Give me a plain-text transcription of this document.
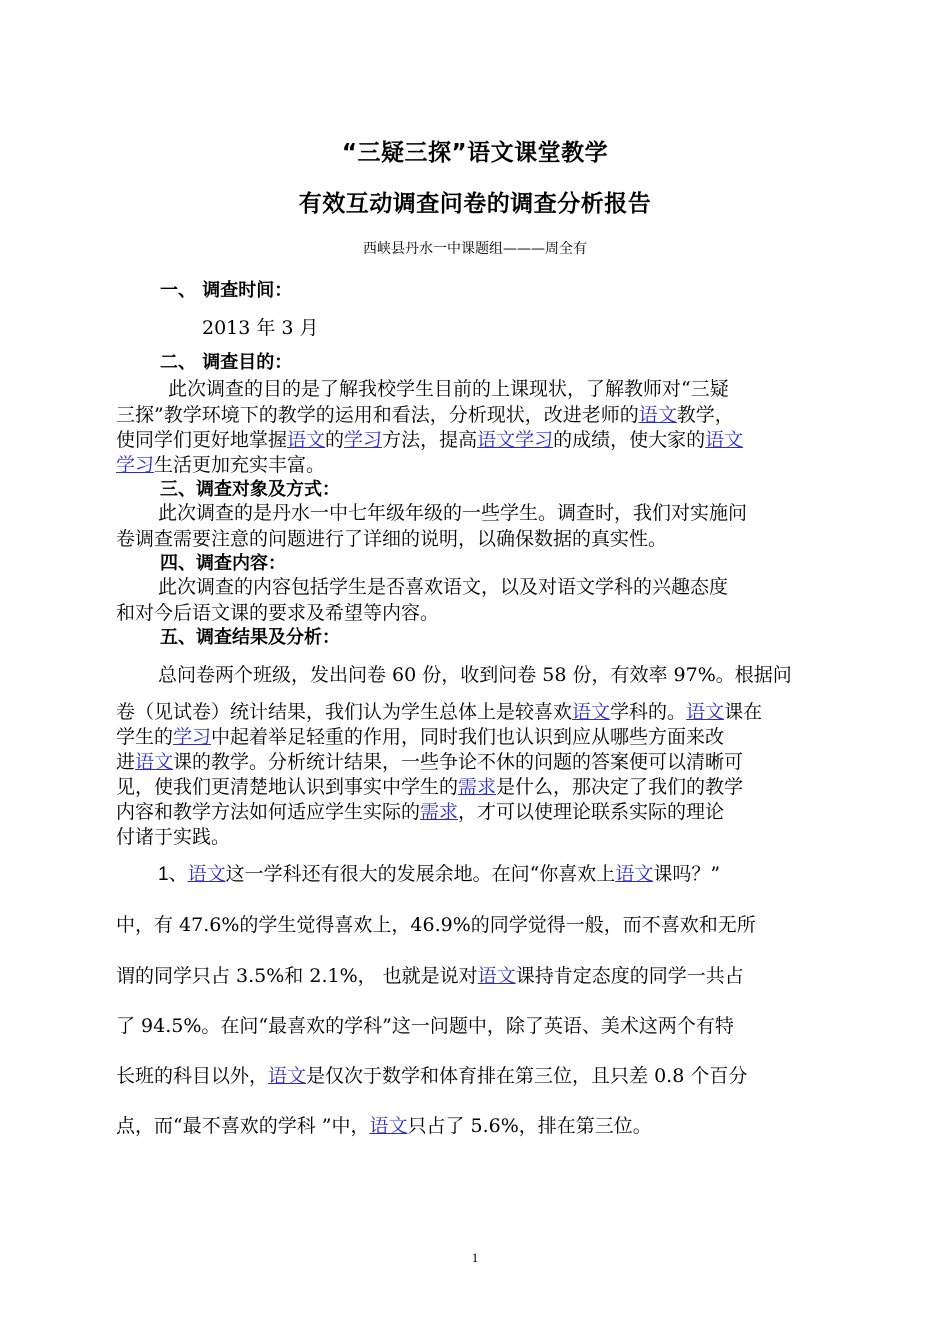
“三疑三探”语文课堂教学
有效互动调查问卷的调查分析报告
西峡县丹水一中课题组———周全有
一、 调查时间：
2013 年 3 月
二、 调查目的：
此次调查的目的是了解我校学生目前的上课现状，了解教师对“三疑
三探”教学环境下的教学的运用和看法，分析现状，改进老师的语文教学，
使同学们更好地掌握语文的学习方法，提高语文学习的成绩，使大家的语文
学习生活更加充实丰富。
三、调查对象及方式：
此次调查的是丹水一中七年级年级的一些学生。调查时，我们对实施问
卷调查需要注意的问题进行了详细的说明，以确保数据的真实性。
四、调查内容：
此次调查的内容包括学生是否喜欢语文，以及对语文学科的兴趣态度
和对今后语文课的要求及希望等内容。
五、调查结果及分析：
总问卷两个班级，发出问卷 60 份，收到问卷 58 份，有效率 97%。根据问
卷（见试卷）统计结果，我们认为学生总体上是较喜欢语文学科的。语文课在
学生的学习中起着举足轻重的作用，同时我们也认识到应从哪些方面来改
进语文课的教学。分析统计结果，一些争论不休的问题的答案便可以清晰可
见，使我们更清楚地认识到事实中学生的需求是什么，那决定了我们的教学
内容和教学方法如何适应学生实际的需求，才可以使理论联系实际的理论
付诸于实践。
1、语文这一学科还有很大的发展余地。在问“你喜欢上语文课吗？”
中，有 47.6%的学生觉得喜欢上，46.9%的同学觉得一般，而不喜欢和无所
谓的同学只占 3.5%和 2.1%， 也就是说对语文课持肯定态度的同学一共占
了 94.5%。在问“最喜欢的学科”这一问题中，除了英语、美术这两个有特
长班的科目以外，语文是仅次于数学和体育排在第三位，且只差 0.8 个百分
点，而“最不喜欢的学科 ”中，语文只占了 5.6%，排在第三位。
1
